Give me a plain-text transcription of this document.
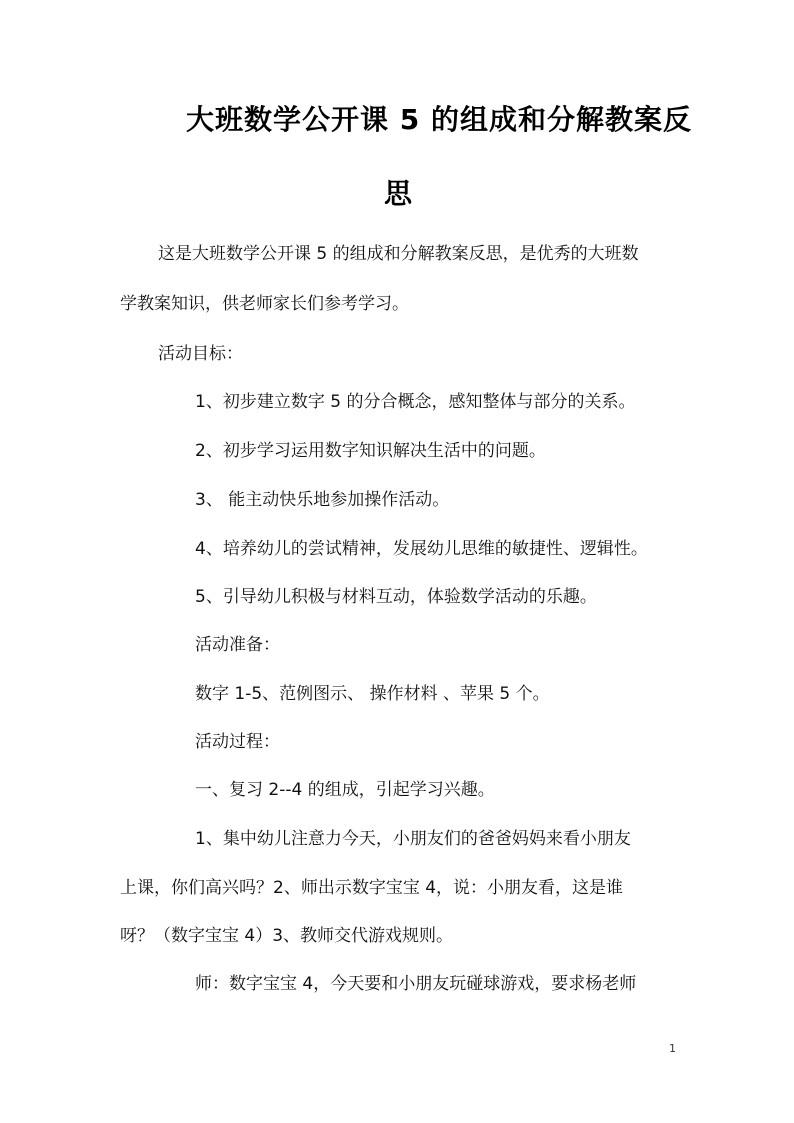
大班数学公开课 5 的组成和分解教案反
思
这是大班数学公开课 5 的组成和分解教案反思，是优秀的大班数
学教案知识，供老师家长们参考学习。
活动目标：
1、初步建立数字 5 的分合概念，感知整体与部分的关系。
2、初步学习运用数字知识解决生活中的问题。
3、 能主动快乐地参加操作活动。
4、培养幼儿的尝试精神，发展幼儿思维的敏捷性、逻辑性。
5、引导幼儿积极与材料互动，体验数学活动的乐趣。
活动准备：
数字 1-5、范例图示、 操作材料 、苹果 5 个。
活动过程：
一、复习 2--4 的组成，引起学习兴趣。
1、集中幼儿注意力今天，小朋友们的爸爸妈妈来看小朋友
上课，你们高兴吗？2、师出示数字宝宝 4，说：小朋友看，这是谁
呀？（数字宝宝 4）3、教师交代游戏规则。
师：数字宝宝 4，今天要和小朋友玩碰球游戏，要求杨老师
1
